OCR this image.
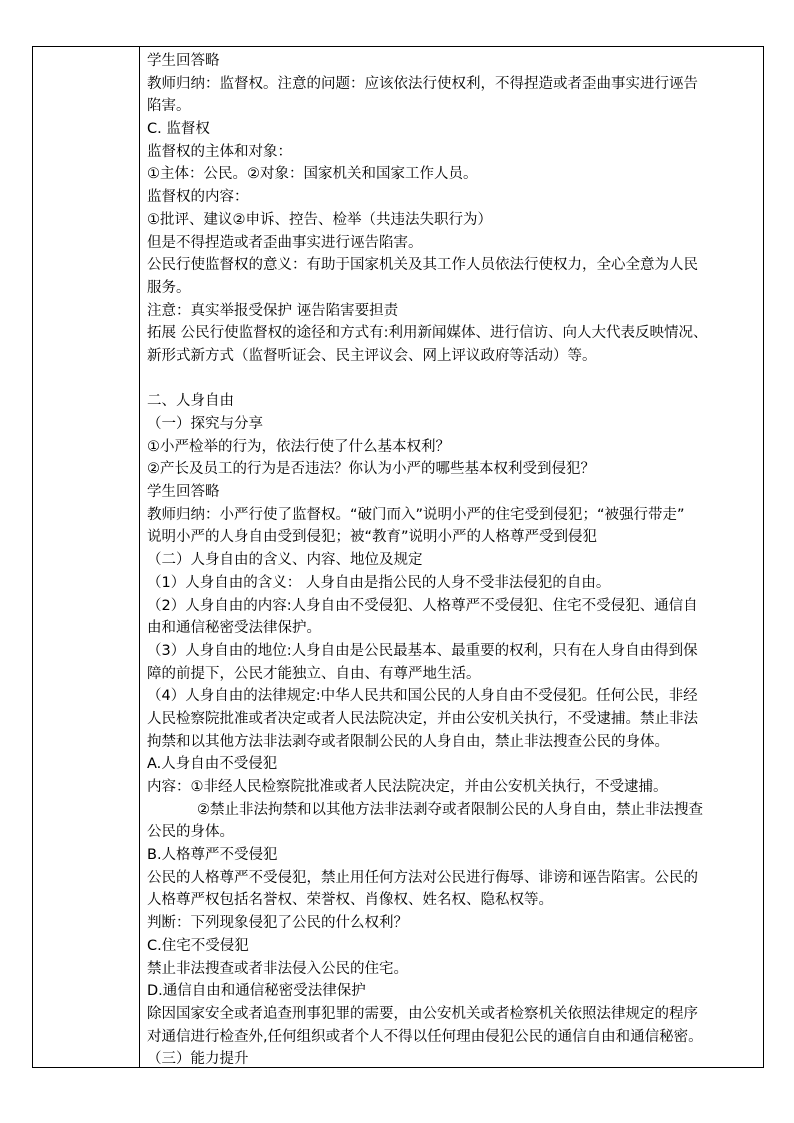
学生回答略
教师归纳：监督权。注意的问题：应该依法行使权利，不得捏造或者歪曲事实进行诬告
陷害。
C. 监督权
监督权的主体和对象：
①主体：公民。②对象：国家机关和国家工作人员。
监督权的内容：
①批评、建议②申诉、控告、检举（共违法失职行为）
但是不得捏造或者歪曲事实进行诬告陷害。
公民行使监督权的意义：有助于国家机关及其工作人员依法行使权力，全心全意为人民
服务。
注意：真实举报受保护 诬告陷害要担责
拓展 公民行使监督权的途径和方式有:利用新闻媒体、进行信访、向人大代表反映情况、
新形式新方式（监督听证会、民主评议会、网上评议政府等活动）等。
二、人身自由
（一）探究与分享
①小严检举的行为，依法行使了什么基本权利？
②产长及员工的行为是否违法？你认为小严的哪些基本权利受到侵犯？
学生回答略
教师归纳：小严行使了监督权。“破门而入”说明小严的住宅受到侵犯；“被强行带走”
说明小严的人身自由受到侵犯；被“教育”说明小严的人格尊严受到侵犯
（二）人身自由的含义、内容、地位及规定
（1）人身自由的含义： 人身自由是指公民的人身不受非法侵犯的自由。
（2）人身自由的内容:人身自由不受侵犯、人格尊严不受侵犯、住宅不受侵犯、通信自
由和通信秘密受法律保护。
（3）人身自由的地位:人身自由是公民最基本、最重要的权利，只有在人身自由得到保
障的前提下，公民才能独立、自由、有尊严地生活。
（4）人身自由的法律规定:中华人民共和国公民的人身自由不受侵犯。任何公民，非经
人民检察院批准或者决定或者人民法院决定，并由公安机关执行，不受逮捕。禁止非法
拘禁和以其他方法非法剥夺或者限制公民的人身自由，禁止非法搜查公民的身体。
A.人身自由不受侵犯
内容：①非经人民检察院批准或者人民法院决定，并由公安机关执行，不受逮捕。
②禁止非法拘禁和以其他方法非法剥夺或者限制公民的人身自由，禁止非法搜查
公民的身体。
B.人格尊严不受侵犯
公民的人格尊严不受侵犯，禁止用任何方法对公民进行侮辱、诽谤和诬告陷害。公民的
人格尊严权包括名誉权、荣誉权、肖像权、姓名权、隐私权等。
判断：下列现象侵犯了公民的什么权利？
C.住宅不受侵犯
禁止非法搜查或者非法侵入公民的住宅。
D.通信自由和通信秘密受法律保护
除因国家安全或者追查刑事犯罪的需要，由公安机关或者检察机关依照法律规定的程序
对通信进行检查外,任何组织或者个人不得以任何理由侵犯公民的通信自由和通信秘密。
（三）能力提升
